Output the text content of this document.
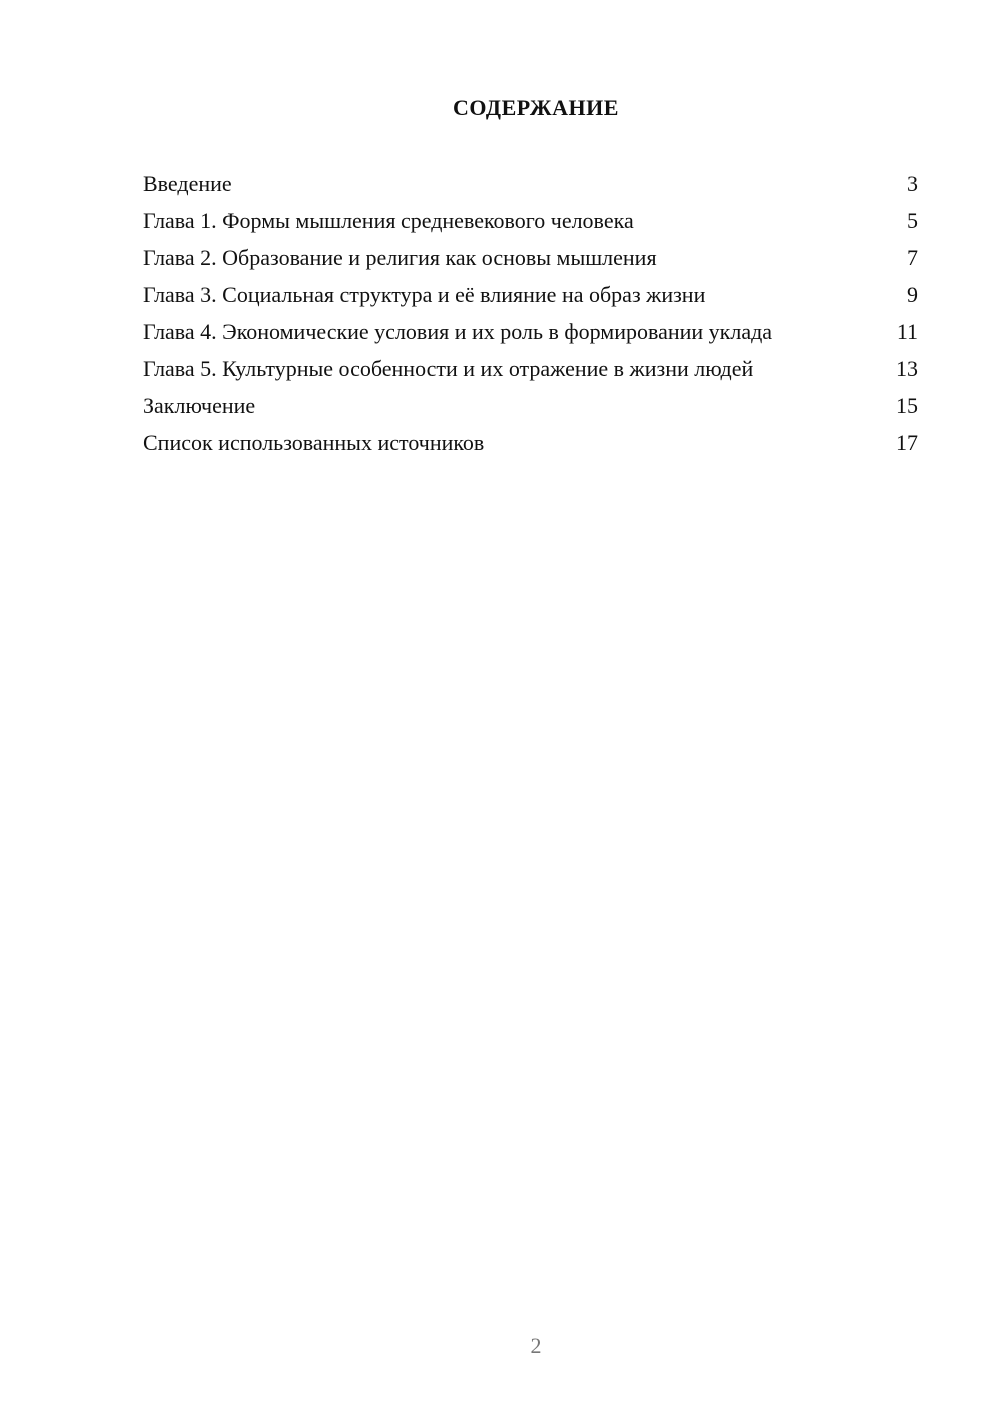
СОДЕРЖАНИЕ
Введение	3
Глава 1. Формы мышления средневекового человека	5
Глава 2. Образование и религия как основы мышления	7
Глава 3. Социальная структура и её влияние на образ жизни	9
Глава 4. Экономические условия и их роль в формировании уклада	11
Глава 5. Культурные особенности и их отражение в жизни людей	13
Заключение	15
Список использованных источников	17
2
